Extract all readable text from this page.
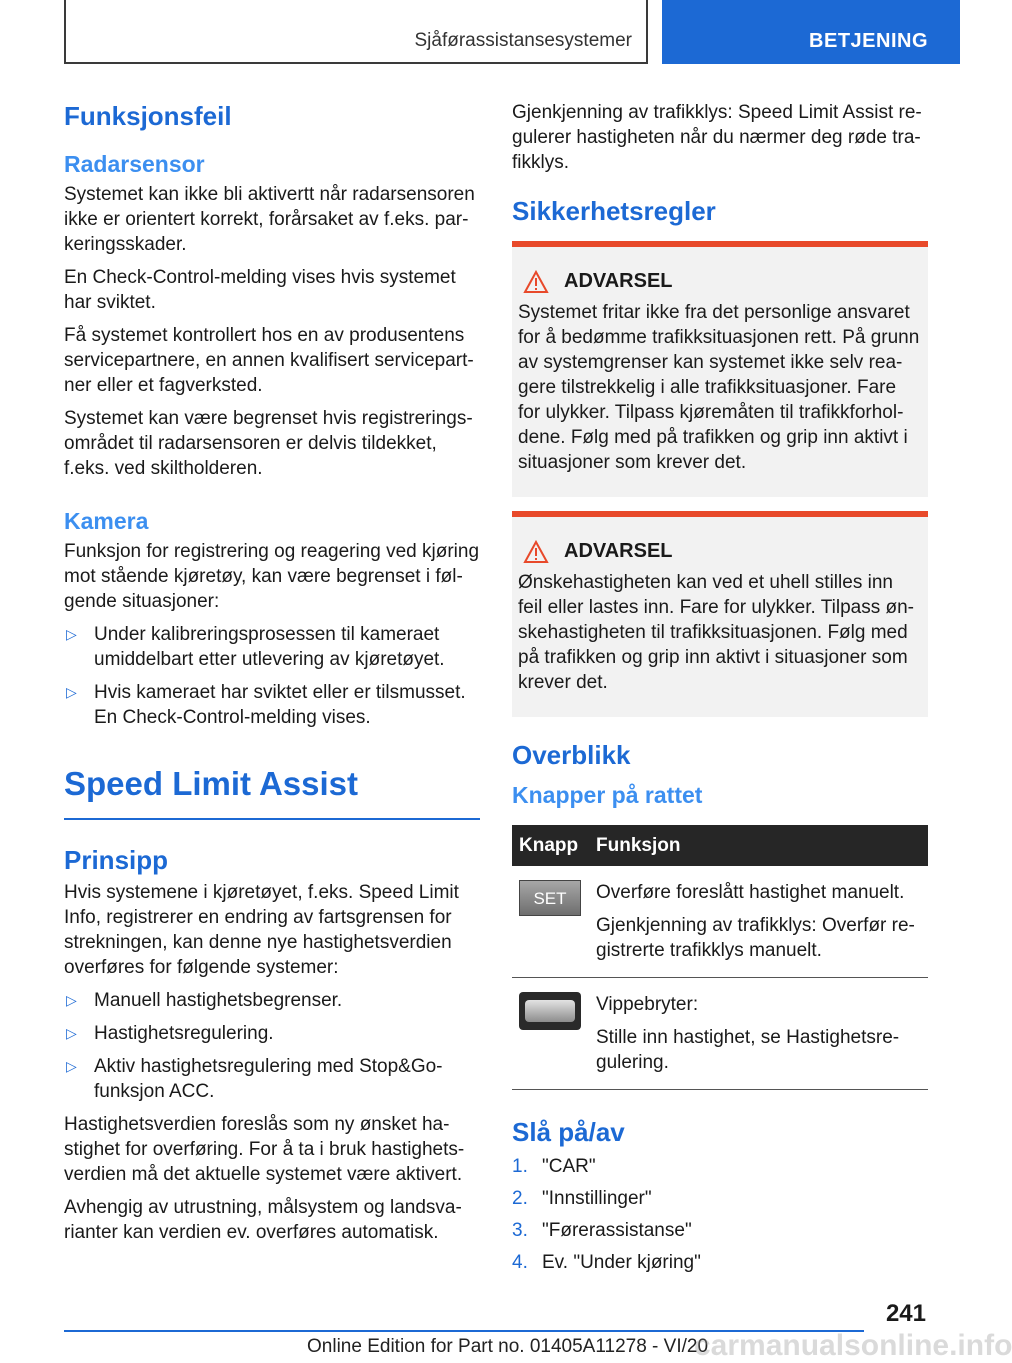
Sjåførassistansesystemer	BETJENING
Funksjonsfeil
Radarsensor

Systemet kan ikke bli aktivertt når radarsensoren ikke er orientert korrekt, forårsaket av f.eks. parkeringsskader.

En Check-Control-melding vises hvis systemet har sviktet.

Få systemet kontrollert hos en av produsentens servicepartnere, en annen kvalifisert servicepartner eller et fagverksted.

Systemet kan være begrenset hvis registreringsområdet til radarsensoren er delvis tildekket, f.eks. ved skiltholderen.

Kamera

Funksjon for registrering og reagering ved kjøring mot stående kjøretøy, kan være begrenset i følgende situasjoner:

▷ Under kalibreringsprosessen til kameraet umiddelbart etter utlevering av kjøretøyet.
▷ Hvis kameraet har sviktet eller er tilsmusset. En Check-Control-melding vises.
Speed Limit Assist
Prinsipp

Hvis systemene i kjøretøyet, f.eks. Speed Limit Info, registrerer en endring av fartsgrensen for strekningen, kan denne nye hastighetsverdien overføres for følgende systemer:

▷ Manuell hastighetsbegrenser.
▷ Hastighetsregulering.
▷ Aktiv hastighetsregulering med Stop&Go-funksjon ACC.

Hastighetsverdien foreslås som ny ønsket hastighet for overføring. For å ta i bruk hastighetsverdien må det aktuelle systemet være aktivert.

Avhengig av utrustning, målsystem og landsvarianter kan verdien ev. overføres automatisk.

Gjenkjenning av trafikklys: Speed Limit Assist regulerer hastigheten når du nærmer deg røde trafikklys.

Sikkerhetsregler
ADVARSEL

Systemet fritar ikke fra det personlige ansvaret for å bedømme trafikksituasjonen rett. På grunn av systemgrenser kan systemet ikke selv reagere tilstrekkelig i alle trafikksituasjoner. Fare for ulykker. Tilpass kjøremåten til trafikkforholdene. Følg med på trafikken og grip inn aktivt i situasjoner som krever det.

ADVARSEL

Ønskehastigheten kan ved et uhell stilles inn feil eller lastes inn. Fare for ulykker. Tilpass ønskehastigheten til trafikksituasjonen. Følg med på trafikken og grip inn aktivt i situasjoner som krever det.

Overblikk
Knapper på rattet
Knapp	Funksjon

SET	Overføre foreslått hastighet manuelt.

Gjenkjenning av trafikklys: Overfør registrerte trafikklys manuelt.

	Vippebryter:

Stille inn hastighet, se Hastighetsregulering.

Slå på/av
1. "CAR"
2. "Innstillinger"
3. "Førerassistanse"
4. Ev. "Under kjøring"
241
Online Edition for Part no. 01405A11278 - VI/20
carmanualsonline.info
